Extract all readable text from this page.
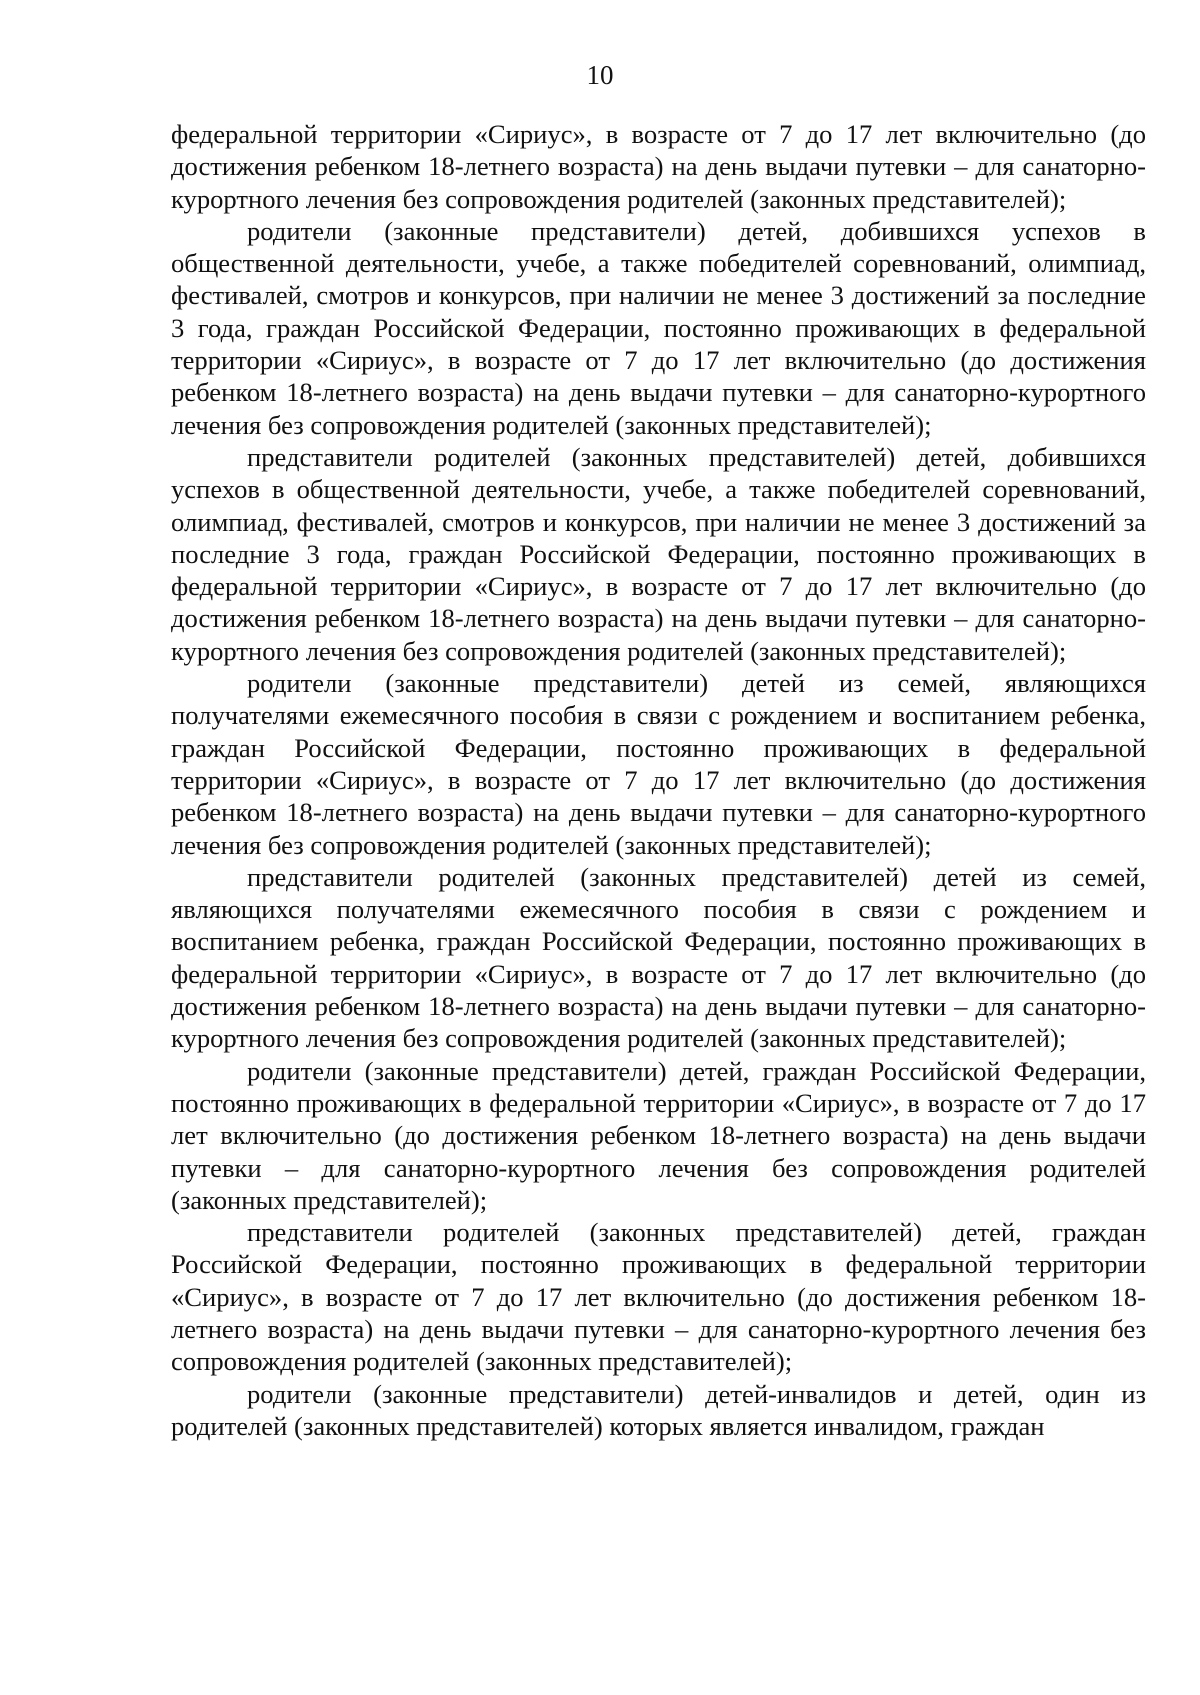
10

федеральной территории «Сириус», в возрасте от 7 до 17 лет включительно (до достижения ребенком 18-летнего возраста) на день выдачи путевки – для санаторно-курортного лечения без сопровождения родителей (законных представителей);

родители (законные представители) детей, добившихся успехов в общественной деятельности, учебе, а также победителей соревнований, олимпиад, фестивалей, смотров и конкурсов, при наличии не менее 3 достижений за последние 3 года, граждан Российской Федерации, постоянно проживающих в федеральной территории «Сириус», в возрасте от 7 до 17 лет включительно (до достижения ребенком 18-летнего возраста) на день выдачи путевки – для санаторно-курортного лечения без сопровождения родителей (законных представителей);

представители родителей (законных представителей) детей, добившихся успехов в общественной деятельности, учебе, а также победителей соревнований, олимпиад, фестивалей, смотров и конкурсов, при наличии не менее 3 достижений за последние 3 года, граждан Российской Федерации, постоянно проживающих в федеральной территории «Сириус», в возрасте от 7 до 17 лет включительно (до достижения ребенком 18-летнего возраста) на день выдачи путевки – для санаторно-курортного лечения без сопровождения родителей (законных представителей);

родители (законные представители) детей из семей, являющихся получателями ежемесячного пособия в связи с рождением и воспитанием ребенка, граждан Российской Федерации, постоянно проживающих в федеральной территории «Сириус», в возрасте от 7 до 17 лет включительно (до достижения ребенком 18-летнего возраста) на день выдачи путевки – для санаторно-курортного лечения без сопровождения родителей (законных представителей);

представители родителей (законных представителей) детей из семей, являющихся получателями ежемесячного пособия в связи с рождением и воспитанием ребенка, граждан Российской Федерации, постоянно проживающих в федеральной территории «Сириус», в возрасте от 7 до 17 лет включительно (до достижения ребенком 18-летнего возраста) на день выдачи путевки – для санаторно-курортного лечения без сопровождения родителей (законных представителей);

родители (законные представители) детей, граждан Российской Федерации, постоянно проживающих в федеральной территории «Сириус», в возрасте от 7 до 17 лет включительно (до достижения ребенком 18-летнего возраста) на день выдачи путевки – для санаторно-курортного лечения без сопровождения родителей (законных представителей);

представители родителей (законных представителей) детей, граждан Российской Федерации, постоянно проживающих в федеральной территории «Сириус», в возрасте от 7 до 17 лет включительно (до достижения ребенком 18-летнего возраста) на день выдачи путевки – для санаторно-курортного лечения без сопровождения родителей (законных представителей);

родители (законные представители) детей-инвалидов и детей, один из родителей (законных представителей) которых является инвалидом, граждан
